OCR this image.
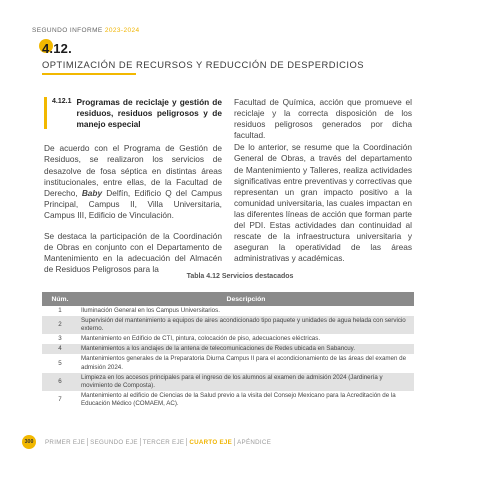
SEGUNDO INFORME 2023-2024
4.12.
OPTIMIZACIÓN DE RECURSOS Y REDUCCIÓN DE DESPERDICIOS
4.12.1 Programas de reciclaje y gestión de residuos, residuos peligrosos y de manejo especial

De acuerdo con el Programa de Gestión de Residuos, se realizaron los servicios de desazolve de fosa séptica en distintas áreas institucionales, entre ellas, de la Facultad de Derecho, Baby Delfín, Edificio Q del Campus Principal, Campus II, Villa Universitaria, Campus III, Edificio de Vinculación.

Se destaca la participación de la Coordinación de Obras en conjunto con el Departamento de Mantenimiento en la adecuación del Almacén de Residuos Peligrosos para la

Facultad de Química, acción que promueve el reciclaje y la correcta disposición de los residuos peligrosos generados por dicha facultad.

De lo anterior, se resume que la Coordinación General de Obras, a través del departamento de Mantenimiento y Talleres, realiza actividades significativas entre preventivas y correctivas que representan un gran impacto positivo a la comunidad universitaria, las cuales impactan en las diferentes líneas de acción que forman parte del PDI. Estas actividades dan continuidad al rescate de la infraestructura universitaria y aseguran la operatividad de las áreas administrativas y académicas.

Tabla 4.12 Servicios destacados
Núm.	Descripción
1	Iluminación General en los Campus Universitarios.
2	Supervisión del mantenimiento a equipos de aires acondicionado tipo paquete y unidades de agua helada con servicio externo.
3	Mantenimiento en Edificio de CTI, pintura, colocación de piso, adecuaciones eléctricas.
4	Mantenimientos a los anclajes de la antena de telecomunicaciones de Redes ubicada en Sabancuy.
5	Mantenimientos generales de la Preparatoria Diurna Campus II para el acondicionamiento de las áreas del examen de admisión 2024.
6	Limpieza en los accesos principales para el ingreso de los alumnos al examen de admisión 2024 (Jardinería y movimiento de Composta).
7	Mantenimiento al edificio de Ciencias de la Salud previo a la visita del Consejo Mexicano para la Acreditación de la Educación Médico (COMAEM, AC).
300	PRIMER EJE SEGUNDO EJE TERCER EJE CUARTO EJE APÉNDICE
